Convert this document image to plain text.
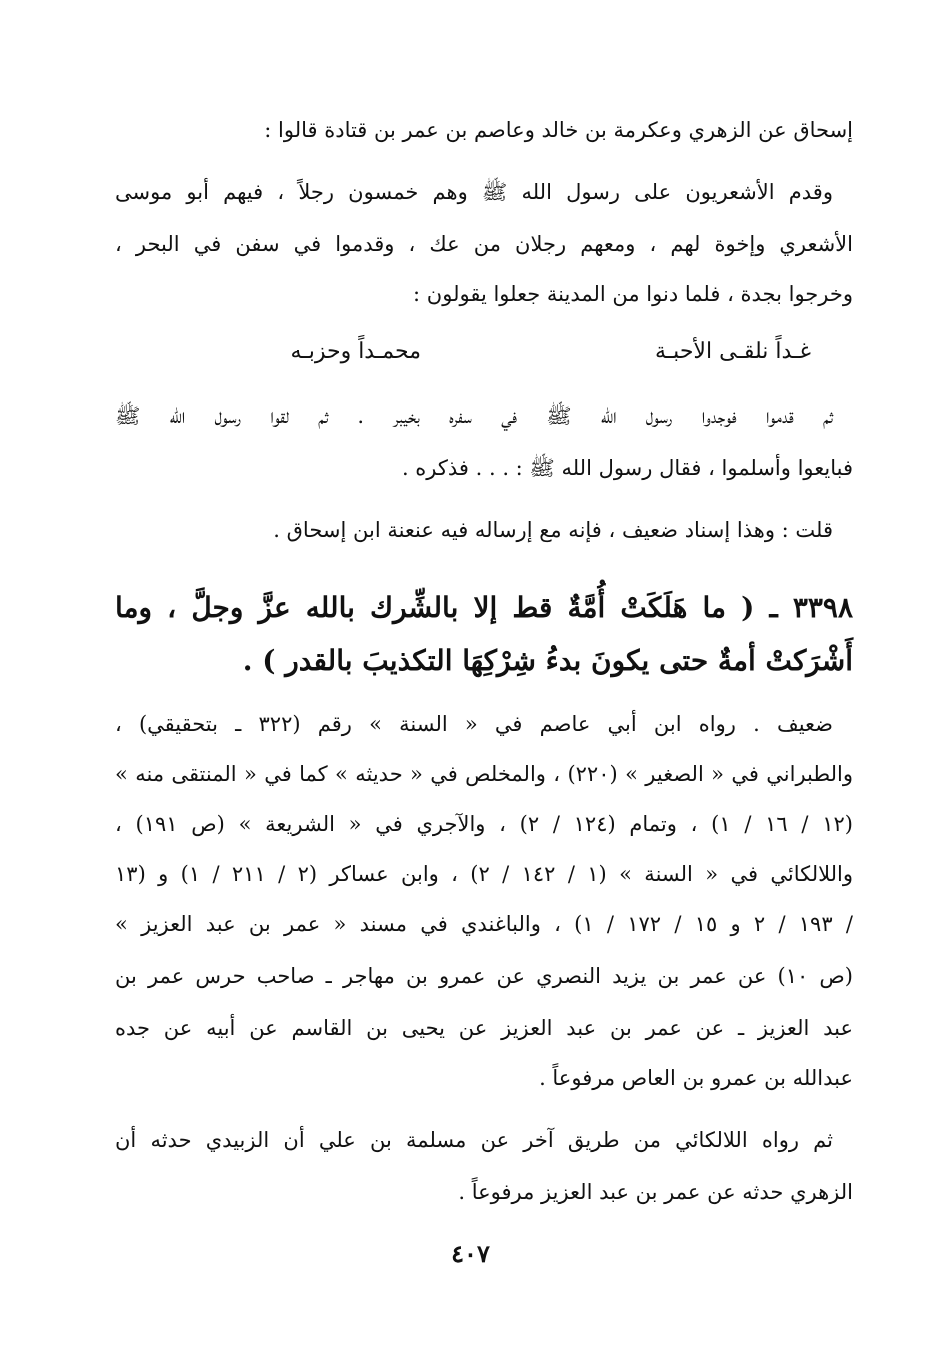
إسحاق عن الزهري وعكرمة بن خالد وعاصم بن عمر بن قتادة قالوا :
وقدم الأشعريون على رسول الله ﷺ وهم خمسون رجلاً ، فيهم أبو موسى
الأشعري وإخوة لهم ، ومعهم رجلان من عك ، وقدموا في سفن في البحر ،
وخرجوا بجدة ، فلما دنوا من المدينة جعلوا يقولون :
غـداً نلقـى الأحبـة
محمـداً وحزبـه
ثم قدموا فوجدوا رسول الله ﷺ في سفره بخيبر . ثم لقوا رسول الله ﷺ
فبايعوا وأسلموا ، فقال رسول الله ﷺ : . . . فذكره .
قلت : وهذا إسناد ضعيف ، فإنه مع إرساله فيه عنعنة ابن إسحاق .
٣٣٩٨ ـ ( ما هَلَكَتْ أُمَّةٌ قط إلا بالشِّرك بالله عزَّ وجلَّ ، وما
أَشْرَكتْ أمةٌ حتى يكونَ بدءُ شِرْكِهَا التكذيبَ بالقدر ) .
ضعيف . رواه ابن أبي عاصم في « السنة » رقم (٣٢٢ ـ بتحقيقي) ،
والطبراني في « الصغير » (٢٢٠) ، والمخلص في « حديثه » كما في « المنتقى منه »
(١٢ / ١٦ / ١) ، وتمام (١٢٤ / ٢) ، والآجري في « الشريعة » (ص ١٩١) ،
واللالكائي في « السنة » (١ / ١٤٢ / ٢) ، وابن عساكر (٢ / ٢١١ / ١) و (١٣
/ ١٩٣ / ٢ و ١٥ / ١٧٢ / ١) ، والباغندي في مسند « عمر بن عبد العزيز »
(ص ١٠) عن عمر بن يزيد النصري عن عمرو بن مهاجر ـ صاحب حرس عمر بن
عبد العزيز ـ عن عمر بن عبد العزيز عن يحيى بن القاسم عن أبيه عن جده
عبدالله بن عمرو بن العاص مرفوعاً .
ثم رواه اللالكائي من طريق آخر عن مسلمة بن علي أن الزبيدي حدثه أن
الزهري حدثه عن عمر بن عبد العزيز مرفوعاً .
٤٠٧
